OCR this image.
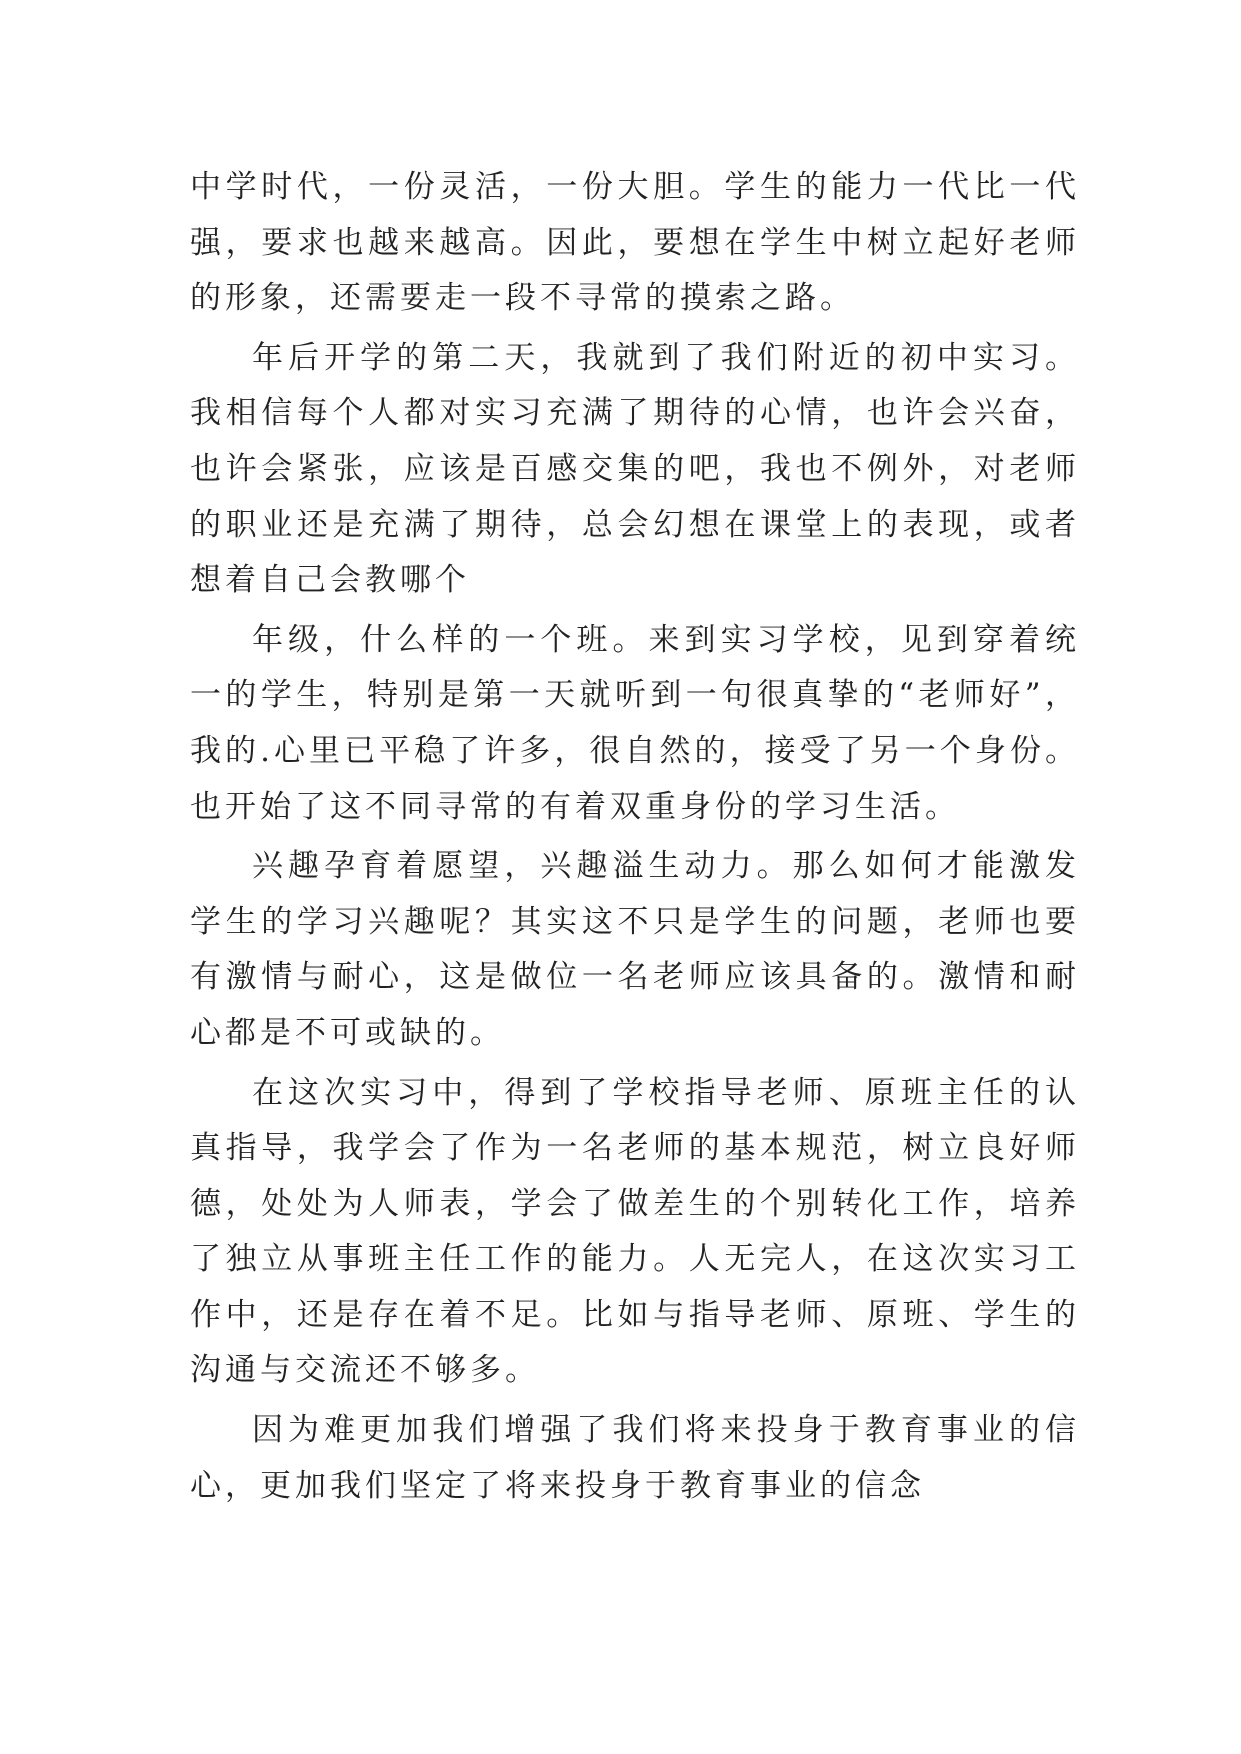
中学时代，一份灵活，一份大胆。学生的能力一代比一代强，要求也越来越高。因此，要想在学生中树立起好老师的形象，还需要走一段不寻常的摸索之路。

年后开学的第二天，我就到了我们附近的初中实习。我相信每个人都对实习充满了期待的心情，也许会兴奋，也许会紧张，应该是百感交集的吧，我也不例外，对老师的职业还是充满了期待，总会幻想在课堂上的表现，或者想着自己会教哪个

年级，什么样的一个班。来到实习学校，见到穿着统一的学生，特别是第一天就听到一句很真挚的“老师好”，我的.心里已平稳了许多，很自然的，接受了另一个身份。也开始了这不同寻常的有着双重身份的学习生活。

兴趣孕育着愿望，兴趣溢生动力。那么如何才能激发学生的学习兴趣呢？其实这不只是学生的问题，老师也要有激情与耐心，这是做位一名老师应该具备的。激情和耐心都是不可或缺的。

在这次实习中，得到了学校指导老师、原班主任的认真指导，我学会了作为一名老师的基本规范，树立良好师德，处处为人师表，学会了做差生的个别转化工作，培养了独立从事班主任工作的能力。人无完人，在这次实习工作中，还是存在着不足。比如与指导老师、原班、学生的沟通与交流还不够多。

因为难更加我们增强了我们将来投身于教育事业的信心，更加我们坚定了将来投身于教育事业的信念
